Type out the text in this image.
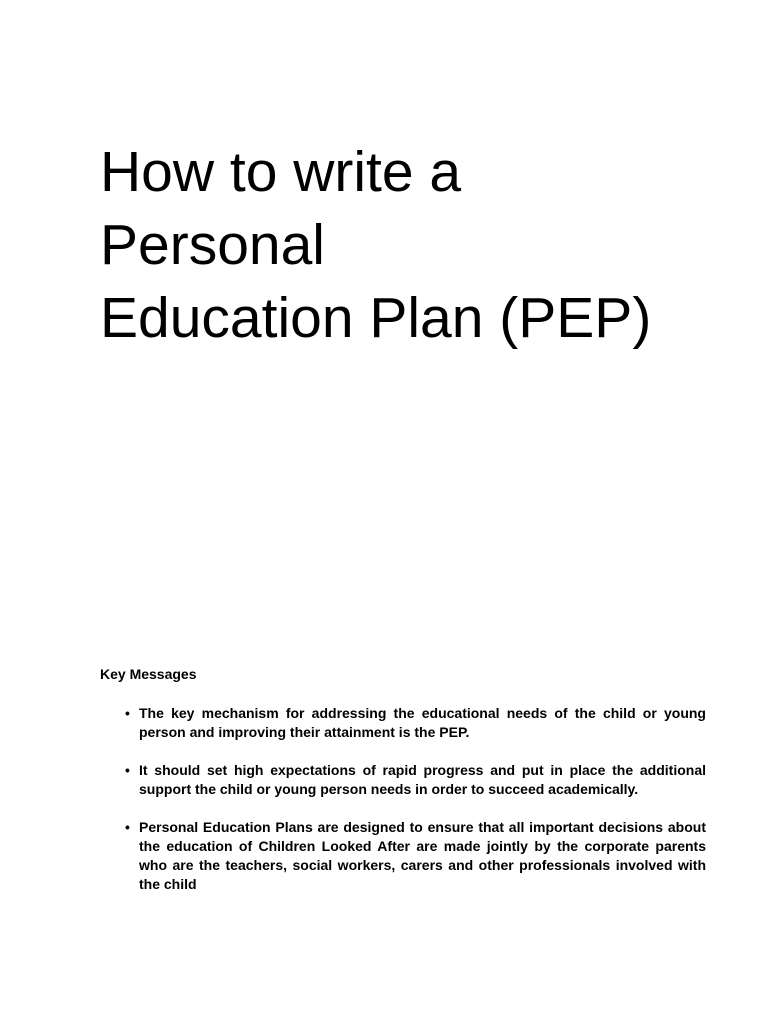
How to write a
Personal
Education Plan (PEP)
Key Messages
• The key mechanism for addressing the educational needs of the child or young person and improving their attainment is the PEP.
• It should set high expectations of rapid progress and put in place the additional support the child or young person needs in order to succeed academically.
• Personal Education Plans are designed to ensure that all important decisions about the education of Children Looked After are made jointly by the corporate parents who are the teachers, social workers, carers and other professionals involved with the child
